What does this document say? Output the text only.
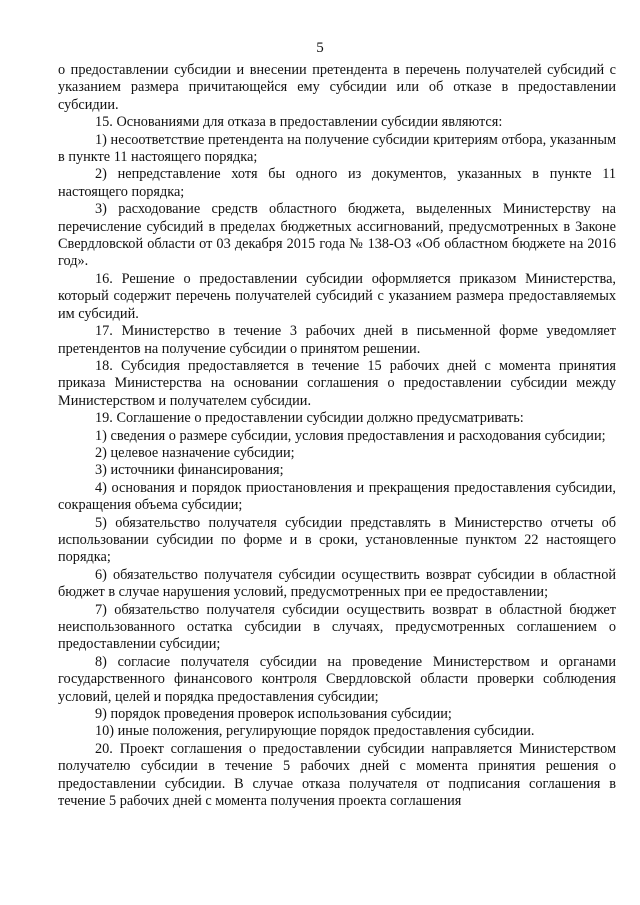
5

о предоставлении субсидии и внесении претендента в перечень получателей субсидий с указанием размера причитающейся ему субсидии или об отказе в предоставлении субсидии.

15. Основаниями для отказа в предоставлении субсидии являются:

1) несоответствие претендента на получение субсидии критериям отбора, указанным в пункте 11 настоящего порядка;

2) непредставление хотя бы одного из документов, указанных в пункте 11 настоящего порядка;

3) расходование средств областного бюджета, выделенных Министерству на перечисление субсидий в пределах бюджетных ассигнований, предусмотренных в Законе Свердловской области от 03 декабря 2015 года № 138-ОЗ «Об областном бюджете на 2016 год».

16. Решение о предоставлении субсидии оформляется приказом Министерства, который содержит перечень получателей субсидий с указанием размера предоставляемых им субсидий.

17. Министерство в течение 3 рабочих дней в письменной форме уведомляет претендентов на получение субсидии о принятом решении.

18. Субсидия предоставляется в течение 15 рабочих дней с момента принятия приказа Министерства на основании соглашения о предоставлении субсидии между Министерством и получателем субсидии.

19. Соглашение о предоставлении субсидии должно предусматривать:

1) сведения о размере субсидии, условия предоставления и расходования субсидии;

2) целевое назначение субсидии;

3) источники финансирования;

4) основания и порядок приостановления и прекращения предоставления субсидии, сокращения объема субсидии;

5) обязательство получателя субсидии представлять в Министерство отчеты об использовании субсидии по форме и в сроки, установленные пунктом 22 настоящего порядка;

6) обязательство получателя субсидии осуществить возврат субсидии в областной бюджет в случае нарушения условий, предусмотренных при ее предоставлении;

7) обязательство получателя субсидии осуществить возврат в областной бюджет неиспользованного остатка субсидии в случаях, предусмотренных соглашением о предоставлении субсидии;

8) согласие получателя субсидии на проведение Министерством и органами государственного финансового контроля Свердловской области проверки соблюдения условий, целей и порядка предоставления субсидии;

9) порядок проведения проверок использования субсидии;

10) иные положения, регулирующие порядок предоставления субсидии.

20. Проект соглашения о предоставлении субсидии направляется Министерством получателю субсидии в течение 5 рабочих дней с момента принятия решения о предоставлении субсидии. В случае отказа получателя от подписания соглашения в течение 5 рабочих дней с момента получения проекта соглашения
